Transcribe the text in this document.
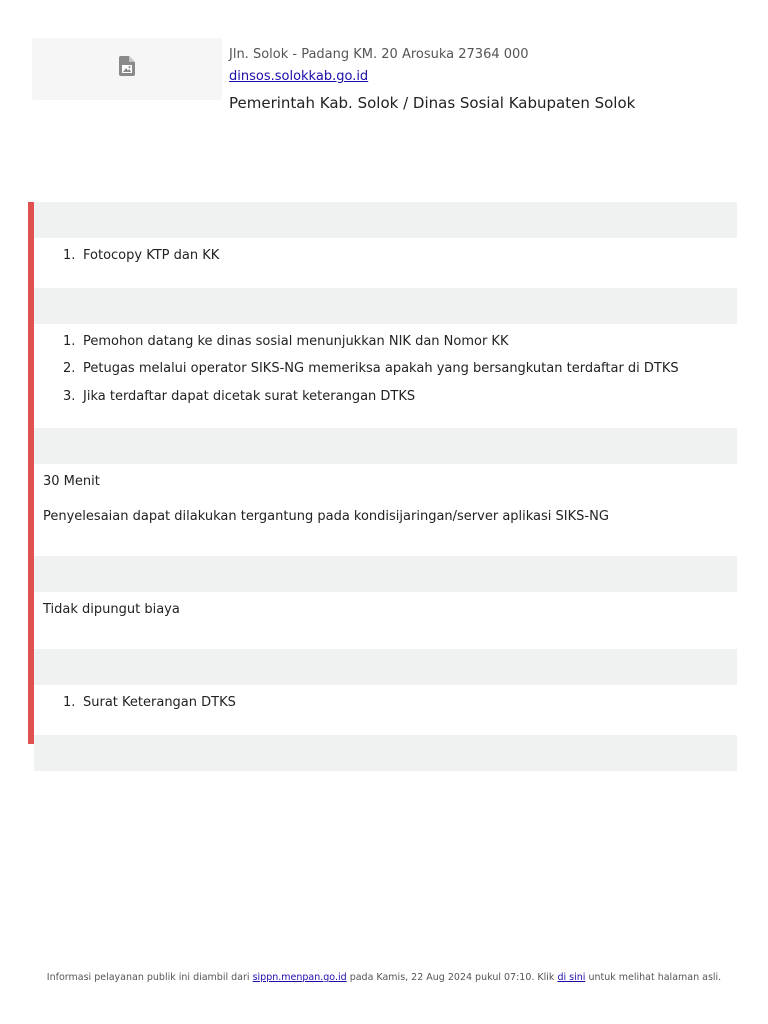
Jln. Solok - Padang KM. 20 Arosuka 27364 000
dinsos.solokkab.go.id
Pemerintah Kab. Solok / Dinas Sosial Kabupaten Solok
1. Fotocopy KTP dan KK
1. Pemohon datang ke dinas sosial menunjukkan NIK dan Nomor KK
2. Petugas melalui operator SIKS-NG memeriksa apakah yang bersangkutan terdaftar di DTKS
3. Jika terdaftar dapat dicetak surat keterangan DTKS

30 Menit

Penyelesaian dapat dilakukan tergantung pada kondisijaringan/server aplikasi SIKS-NG

Tidak dipungut biaya

1. Surat Keterangan DTKS
Informasi pelayanan publik ini diambil dari sippn.menpan.go.id pada Kamis, 22 Aug 2024 pukul 07:10. Klik di sini untuk melihat halaman asli.
